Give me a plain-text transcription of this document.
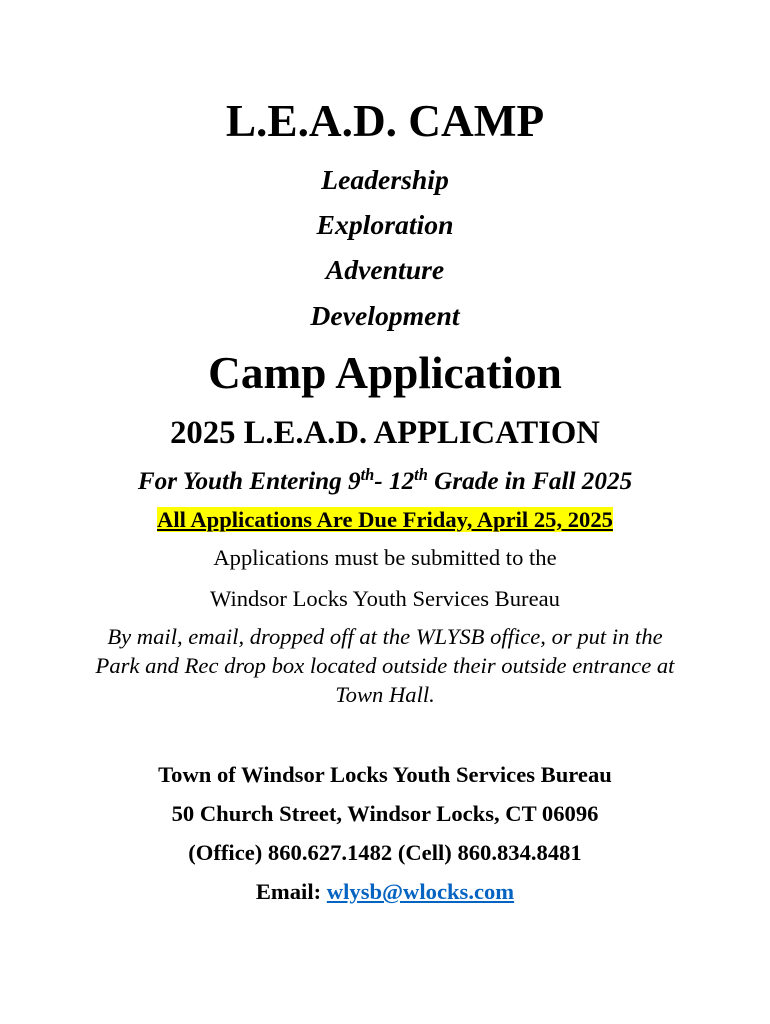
L.E.A.D. CAMP
Leadership
Exploration
Adventure
Development
Camp Application
2025 L.E.A.D. APPLICATION
For Youth Entering 9th- 12th Grade in Fall 2025
All Applications Are Due Friday, April 25, 2025
Applications must be submitted to the
Windsor Locks Youth Services Bureau
By mail, email, dropped off at the WLYSB office, or put in the
Park and Rec drop box located outside their outside entrance at
Town Hall.
Town of Windsor Locks Youth Services Bureau
50 Church Street, Windsor Locks, CT 06096
(Office) 860.627.1482 (Cell) 860.834.8481
Email: wlysb@wlocks.com
